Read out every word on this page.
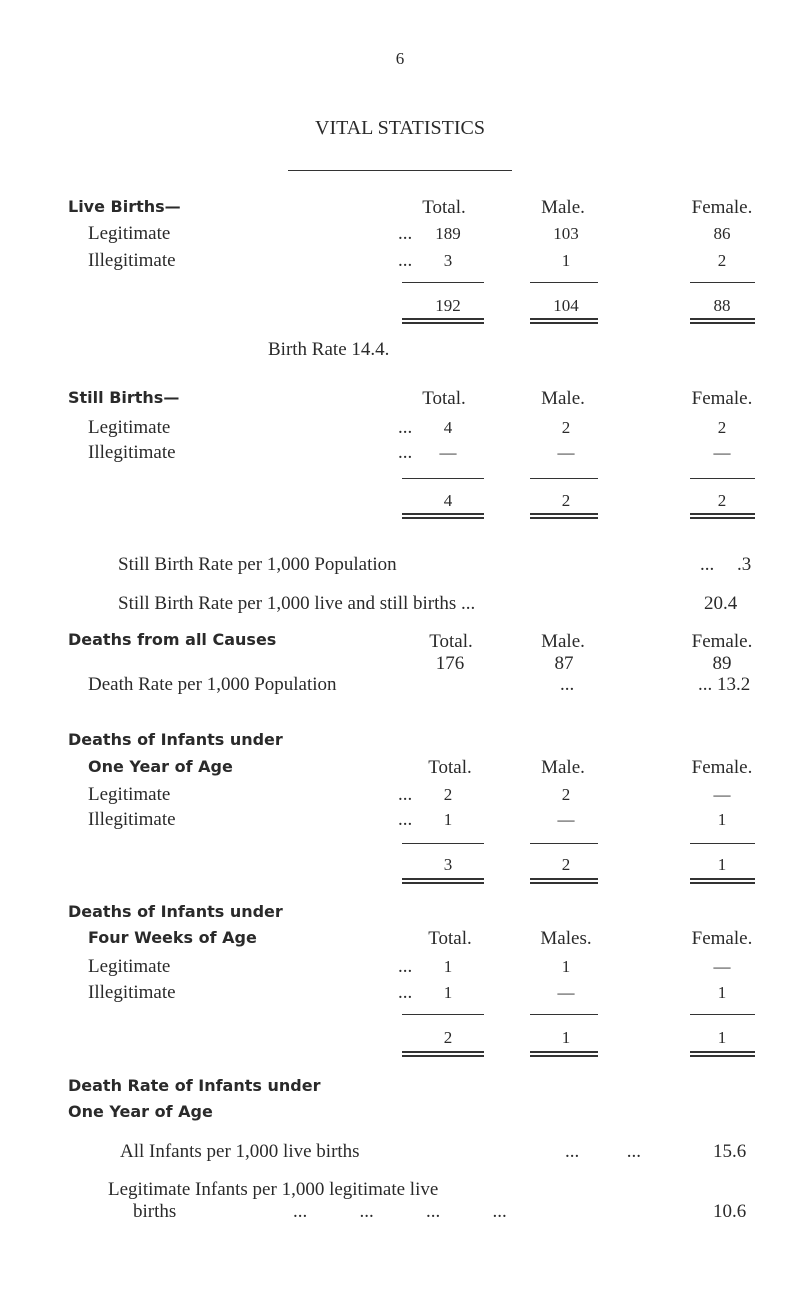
6
VITAL STATISTICS
Live Births—	Total.	Male.	Female.
Legitimate	... 189	103	86
Illegitimate	... 3	1	2
192	104	88
Birth Rate 14.4.
Still Births—	Total.	Male.	Female.
Legitimate	... 4	2	2
Illegitimate	... —	—	—
4	2	2
Still Birth Rate per 1,000 Population	... .3
Still Birth Rate per 1,000 live and still births ...	20.4
Deaths from all Causes	Total.	Male.	Female.
176	87	89
Death Rate per 1,000 Population	...	... 13.2
Deaths of Infants under
One Year of Age	Total.	Male.	Female.
Legitimate	... 2	2	—
Illegitimate	... 1	—	1
3	2	1
Deaths of Infants under
Four Weeks of Age	Total.	Males.	Female.
Legitimate	... 1	1	—
Illegitimate	... 1	—	1
2	1	1
Death Rate of Infants under
One Year of Age
All Infants per 1,000 live births	...          ...	15.6
Legitimate Infants per 1,000 legitimate live
births	...           ...           ...           ...	10.6
